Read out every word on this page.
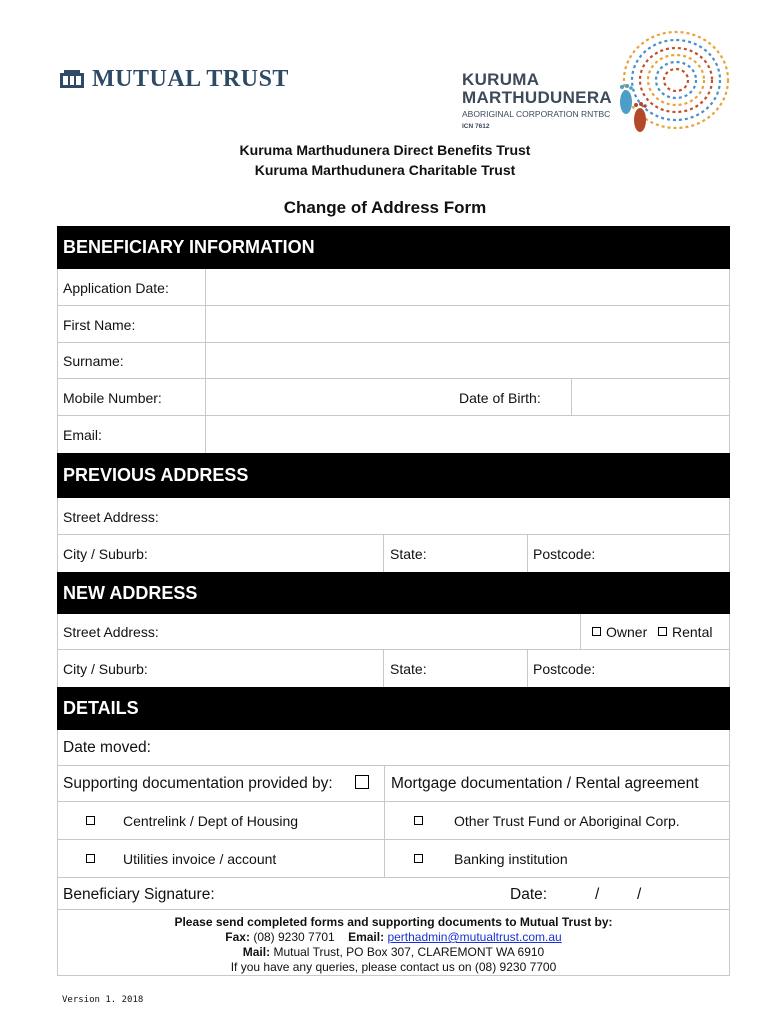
MUTUAL TRUST	KURUMA
MARTHUDUNERA
ABORIGINAL CORPORATION RNTBC
ICN 7612
Kuruma Marthudunera Direct Benefits Trust
Kuruma Marthudunera Charitable Trust
Change of Address Form
BENEFICIARY INFORMATION
Application Date:
First Name:
Surname:
Mobile Number:	Date of Birth:
Email:
PREVIOUS ADDRESS
Street Address:
City / Suburb:	State:	Postcode:
NEW ADDRESS
Street Address:	Owner Rental
City / Suburb:	State:	Postcode:
DETAILS
Date moved:
Supporting documentation provided by:	Mortgage documentation / Rental agreement
Centrelink / Dept of Housing	Other Trust Fund or Aboriginal Corp.
Utilities invoice / account	Banking institution
Beneficiary Signature:	Date:	/ /
Please send completed forms and supporting documents to Mutual Trust by:
Fax: (08) 9230 7701 Email: perthadmin@mutualtrust.com.au
Mail: Mutual Trust, PO Box 307, CLAREMONT WA 6910
If you have any queries, please contact us on (08) 9230 7700
Version 1. 2018
